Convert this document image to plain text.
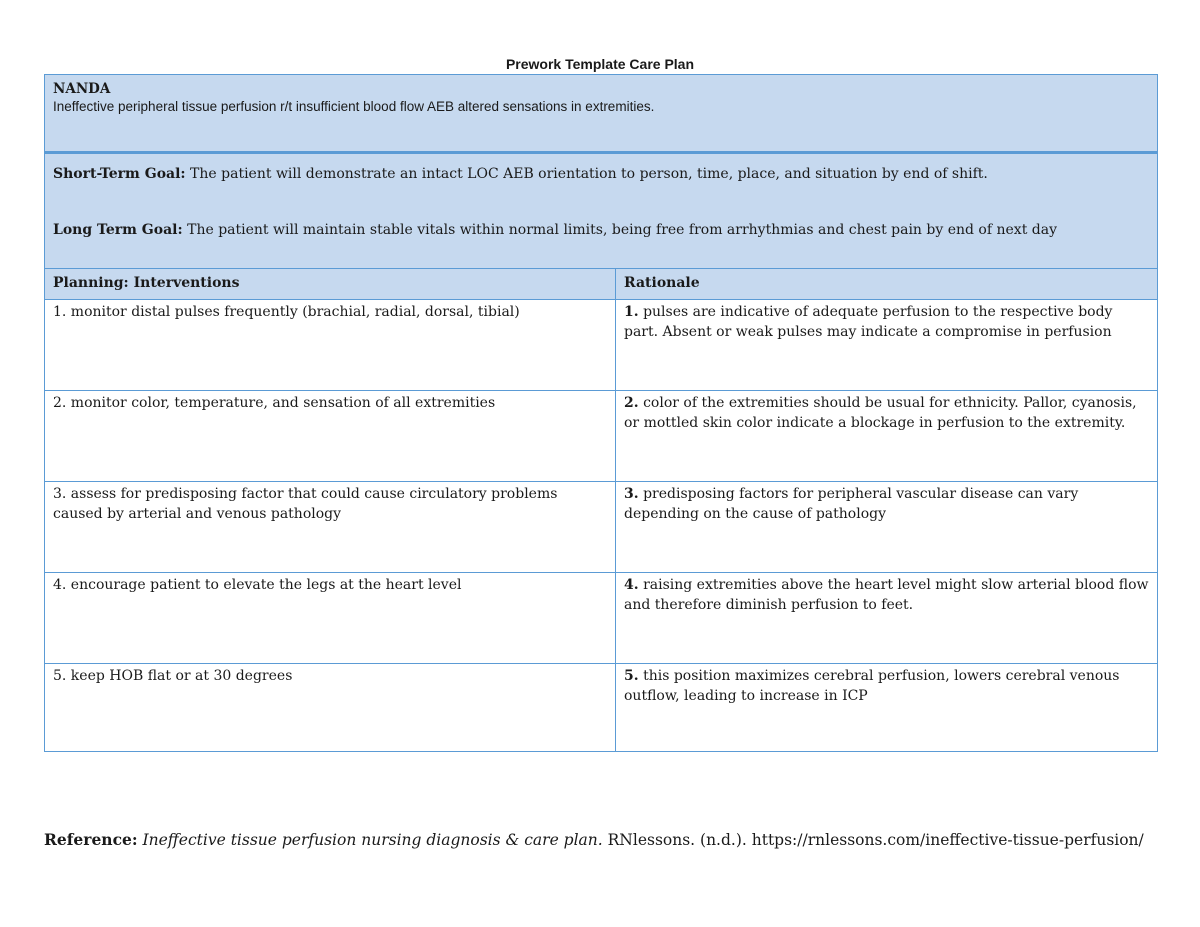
Prework Template Care Plan
NANDA
Ineffective peripheral tissue perfusion r/t insufficient blood flow AEB altered sensations in extremities.	

Short-Term Goal: The patient will demonstrate an intact LOC AEB orientation to person, time, place, and situation by end of shift.

Long Term Goal: The patient will maintain stable vitals within normal limits, being free from arrhythmias and chest pain by end of next day	

Planning: Interventions	Rationale
1. monitor distal pulses frequently (brachial, radial, dorsal, tibial)	1. pulses are indicative of adequate perfusion to the respective body part. Absent or weak pulses may indicate a compromise in perfusion
2. monitor color, temperature, and sensation of all extremities	2. color of the extremities should be usual for ethnicity. Pallor, cyanosis, or mottled skin color indicate a blockage in perfusion to the extremity.
3. assess for predisposing factor that could cause circulatory problems caused by arterial and venous pathology	3. predisposing factors for peripheral vascular disease can vary depending on the cause of pathology
4. encourage patient to elevate the legs at the heart level	4. raising extremities above the heart level might slow arterial blood flow and therefore diminish perfusion to feet.
5. keep HOB flat or at 30 degrees	5. this position maximizes cerebral perfusion, lowers cerebral venous outflow, leading to increase in ICP
Reference: Ineffective tissue perfusion nursing diagnosis & care plan. RNlessons. (n.d.). https://rnlessons.com/ineffective-tissue-perfusion/
